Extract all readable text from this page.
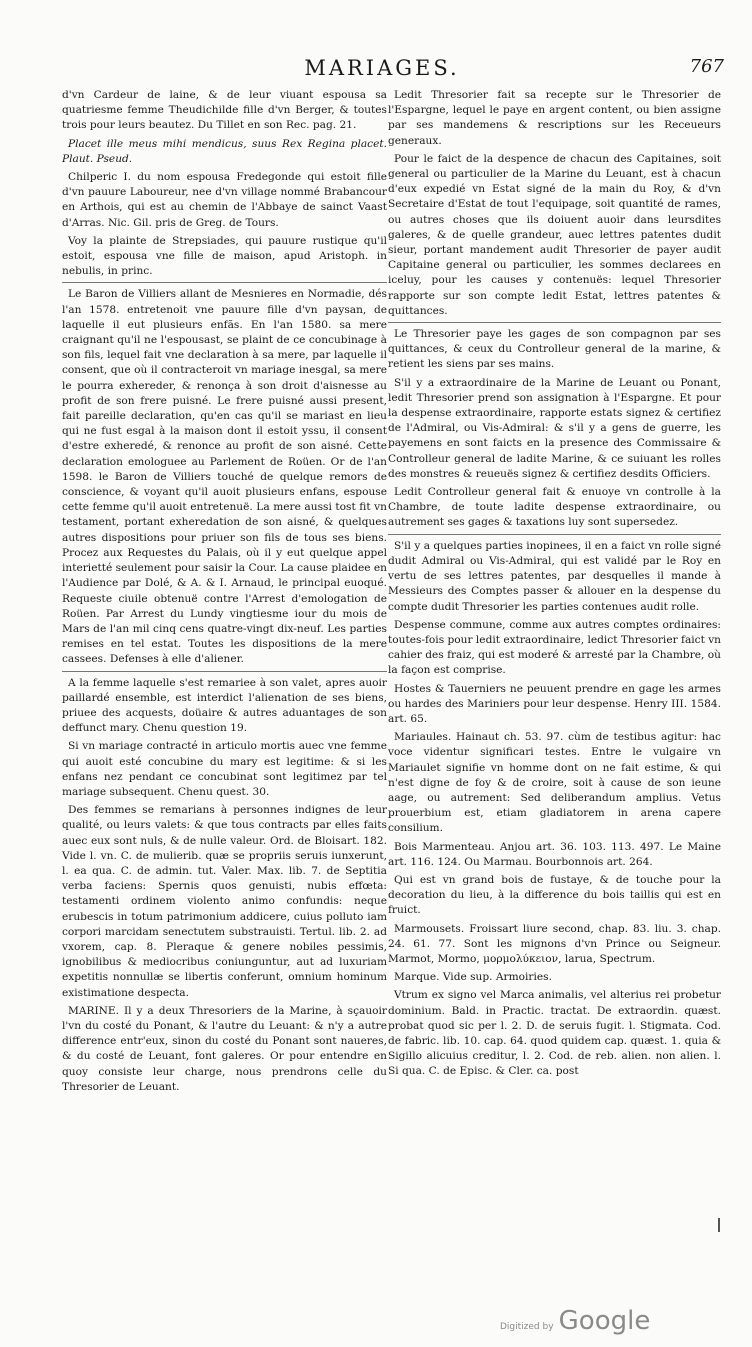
MARIAGES.	767

d'vn Cardeur de laine, & de leur viuant espousa sa quatriesme femme Theudichilde fille d'vn Berger, & toutes trois pour leurs beautez. Du Tillet en son Rec. pag. 21.

Placet ille meus mihi mendicus, suus Rex Regina placet. Plaut. Pseud.

Chilperic I. du nom espousa Fredegonde qui estoit fille d'vn pauure Laboureur, nee d'vn village nommé Brabancour en Arthois, qui est au chemin de l'Abbaye de sainct Vaast d'Arras. Nic. Gil. pris de Greg. de Tours.

Voy la plainte de Strepsiades, qui pauure rustique qu'il estoit, espousa vne fille de maison, apud Aristoph. in nebulis, in princ.

Le Baron de Villiers allant de Mesnieres en Normadie, dés l'an 1578. entretenoit vne pauure fille d'vn paysan, de laquelle il eut plusieurs enfãs. En l'an 1580. sa mere craignant qu'il ne l'espousast, se plaint de ce concubinage à son fils, lequel fait vne declaration à sa mere, par laquelle il consent, que où il contracteroit vn mariage inesgal, sa mere le pourra exhereder, & renonça à son droit d'aisnesse au profit de son frere puisné. Le frere puisné aussi present, fait pareille declaration, qu'en cas qu'il se mariast en lieu qui ne fust esgal à la maison dont il estoit yssu, il consent d'estre exheredé, & renonce au profit de son aisné. Cette declaration emologuee au Parlement de Roüen. Or de l'an 1598. le Baron de Villiers touché de quelque remors de conscience, & voyant qu'il auoit plusieurs enfans, espouse cette femme qu'il auoit entretenuë. La mere aussi tost fit vn testament, portant exheredation de son aisné, & quelques autres dispositions pour priuer son fils de tous ses biens. Procez aux Requestes du Palais, où il y eut quelque appel interietté seulement pour saisir la Cour. La cause plaidee en l'Audience par Dolé, & A. & I. Arnaud, le principal euoqué. Requeste ciuile obtenuë contre l'Arrest d'emologation de Roüen. Par Arrest du Lundy vingtiesme iour du mois de Mars de l'an mil cinq cens quatre-vingt dix-neuf. Les parties remises en tel estat. Toutes les dispositions de la mere cassees. Defenses à elle d'aliener.

A la femme laquelle s'est remariee à son valet, apres auoir paillardé ensemble, est interdict l'alienation de ses biens, priuee des acquests, doüaire & autres aduantages de son deffunct mary. Chenu question 19.

Si vn mariage contracté in articulo mortis auec vne femme qui auoit esté concubine du mary est legitime: & si les enfans nez pendant ce concubinat sont legitimez par tel mariage subsequent. Chenu quest. 30.

Des femmes se remarians à personnes indignes de leur qualité, ou leurs valets: & que tous contracts par elles faits auec eux sont nuls, & de nulle valeur. Ord. de Bloisart. 182. Vide l. vn. C. de mulierib. quæ se propriis seruis iunxerunt, l. ea qua. C. de admin. tut. Valer. Max. lib. 7. de Septitia verba faciens: Spernis quos genuisti, nubis effœta: testamenti ordinem violento animo confundis: neque erubescis in totum patrimonium addicere, cuius polluto iam corpori marcidam senectutem substrauisti. Tertul. lib. 2. ad vxorem, cap. 8. Pleraque & genere nobiles pessimis, ignobilibus & mediocribus coniunguntur, aut ad luxuriam expetitis nonnullæ se libertis conferunt, omnium hominum existimatione despecta.

MARINE. Il y a deux Thresoriers de la Marine, à sçauoir l'vn du costé du Ponant, & l'autre du Leuant: & n'y a autre difference entr'eux, sinon du costé du Ponant sont naueres, & du costé de Leuant, font galeres. Or pour entendre en quoy consiste leur charge, nous prendrons celle du Thresorier de Leuant.

Ledit Thresorier fait sa recepte sur le Thresorier de l'Espargne, lequel le paye en argent content, ou bien assigne par ses mandemens & rescriptions sur les Receueurs generaux.

Pour le faict de la despence de chacun des Capitaines, soit general ou particulier de la Marine du Leuant, est à chacun d'eux expedié vn Estat signé de la main du Roy, & d'vn Secretaire d'Estat de tout l'equipage, soit quantité de rames, ou autres choses que ils doiuent auoir dans leursdites galeres, & de quelle grandeur, auec lettres patentes dudit sieur, portant mandement audit Thresorier de payer audit Capitaine general ou particulier, les sommes declarees en iceluy, pour les causes y contenuës: lequel Thresorier rapporte sur son compte ledit Estat, lettres patentes & quittances.

Le Thresorier paye les gages de son compagnon par ses quittances, & ceux du Controlleur general de la marine, & retient les siens par ses mains.

S'il y a extraordinaire de la Marine de Leuant ou Ponant, ledit Thresorier prend son assignation à l'Espargne. Et pour la despense extraordinaire, rapporte estats signez & certifiez de l'Admiral, ou Vis-Admiral: & s'il y a gens de guerre, les payemens en sont faicts en la presence des Commissaire & Controlleur general de ladite Marine, & ce suiuant les rolles des monstres & reueuës signez & certifiez desdits Officiers.

Ledit Controlleur general fait & enuoye vn controlle à la Chambre, de toute ladite despense extraordinaire, ou autrement ses gages & taxations luy sont supersedez.

S'il y a quelques parties inopinees, il en a faict vn rolle signé dudit Admiral ou Vis-Admiral, qui est validé par le Roy en vertu de ses lettres patentes, par desquelles il mande à Messieurs des Comptes passer & allouer en la despense du compte dudit Thresorier les parties contenues audit rolle.

Despense commune, comme aux autres comptes ordinaires: toutes-fois pour ledit extraordinaire, ledict Thresorier faict vn cahier des fraiz, qui est moderé & arresté par la Chambre, où la façon est comprise.

Hostes & Tauerniers ne peuuent prendre en gage les armes ou hardes des Mariniers pour leur despense. Henry III. 1584. art. 65.

Mariaules. Hainaut ch. 53. 97. cùm de testibus agitur: hac voce videntur significari testes. Entre le vulgaire vn Mariaulet signifie vn homme dont on ne fait estime, & qui n'est digne de foy & de croire, soit à cause de son ieune aage, ou autrement: Sed deliberandum amplius. Vetus prouerbium est, etiam gladiatorem in arena capere consilium.

Bois Marmenteau. Anjou art. 36. 103. 113. 497. Le Maine art. 116. 124. Ou Marmau. Bourbonnois art. 264.

Qui est vn grand bois de fustaye, & de touche pour la decoration du lieu, à la difference du bois taillis qui est en fruict.

Marmousets. Froissart liure second, chap. 83. liu. 3. chap. 24. 61. 77. Sont les mignons d'vn Prince ou Seigneur. Marmot, Mormo, μορμολύκειον, larua, Spectrum.

Marque. Vide sup. Armoiries.

Vtrum ex signo vel Marca animalis, vel alterius rei probetur dominium. Bald. in Practic. tractat. De extraordin. quæst. probat quod sic per l. 2. D. de seruis fugit. l. Stigmata. Cod. de fabric. lib. 10. cap. 64. quod quidem cap. quæst. 1. quia & Sigillo alicuius creditur, l. 2. Cod. de reb. alien. non alien. l. Si qua. C. de Episc. & Cler. ca. post

Digitized by Google
